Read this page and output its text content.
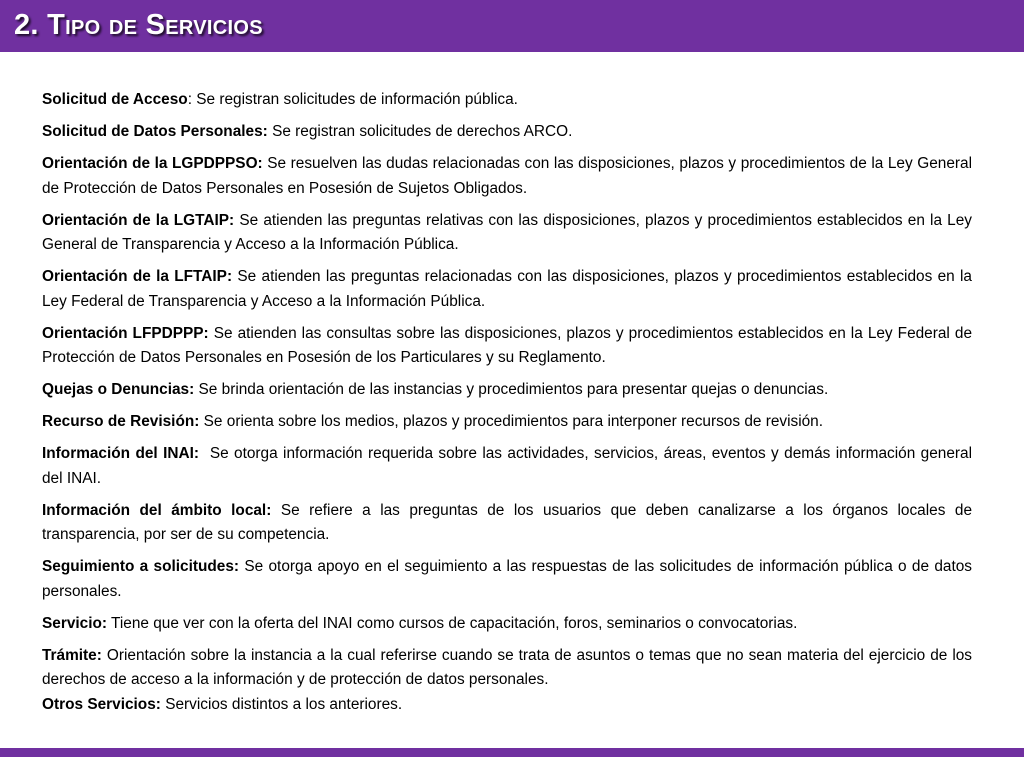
2. Tipo de Servicios

Solicitud de Acceso: Se registran solicitudes de información pública.

Solicitud de Datos Personales: Se registran solicitudes de derechos ARCO.

Orientación de la LGPDPPSO: Se resuelven las dudas relacionadas con las disposiciones, plazos y procedimientos de la Ley General de Protección de Datos Personales en Posesión de Sujetos Obligados.

Orientación de la LGTAIP: Se atienden las preguntas relativas con las disposiciones, plazos y procedimientos establecidos en la Ley General de Transparencia y Acceso a la Información Pública.

Orientación de la LFTAIP: Se atienden las preguntas relacionadas con las disposiciones, plazos y procedimientos establecidos en la Ley Federal de Transparencia y Acceso a la Información Pública.

Orientación LFPDPPP: Se atienden las consultas sobre las disposiciones, plazos y procedimientos establecidos en la Ley Federal de Protección de Datos Personales en Posesión de los Particulares y su Reglamento.

Quejas o Denuncias: Se brinda orientación de las instancias y procedimientos para presentar quejas o denuncias.

Recurso de Revisión: Se orienta sobre los medios, plazos y procedimientos para interponer recursos de revisión.

Información del INAI: Se otorga información requerida sobre las actividades, servicios, áreas, eventos y demás información general del INAI.

Información del ámbito local: Se refiere a las preguntas de los usuarios que deben canalizarse a los órganos locales de transparencia, por ser de su competencia.

Seguimiento a solicitudes: Se otorga apoyo en el seguimiento a las respuestas de las solicitudes de información pública o de datos personales.

Servicio: Tiene que ver con la oferta del INAI como cursos de capacitación, foros, seminarios o convocatorias.

Trámite: Orientación sobre la instancia a la cual referirse cuando se trata de asuntos o temas que no sean materia del ejercicio de los derechos de acceso a la información y de protección de datos personales.

Otros Servicios: Servicios distintos a los anteriores.
